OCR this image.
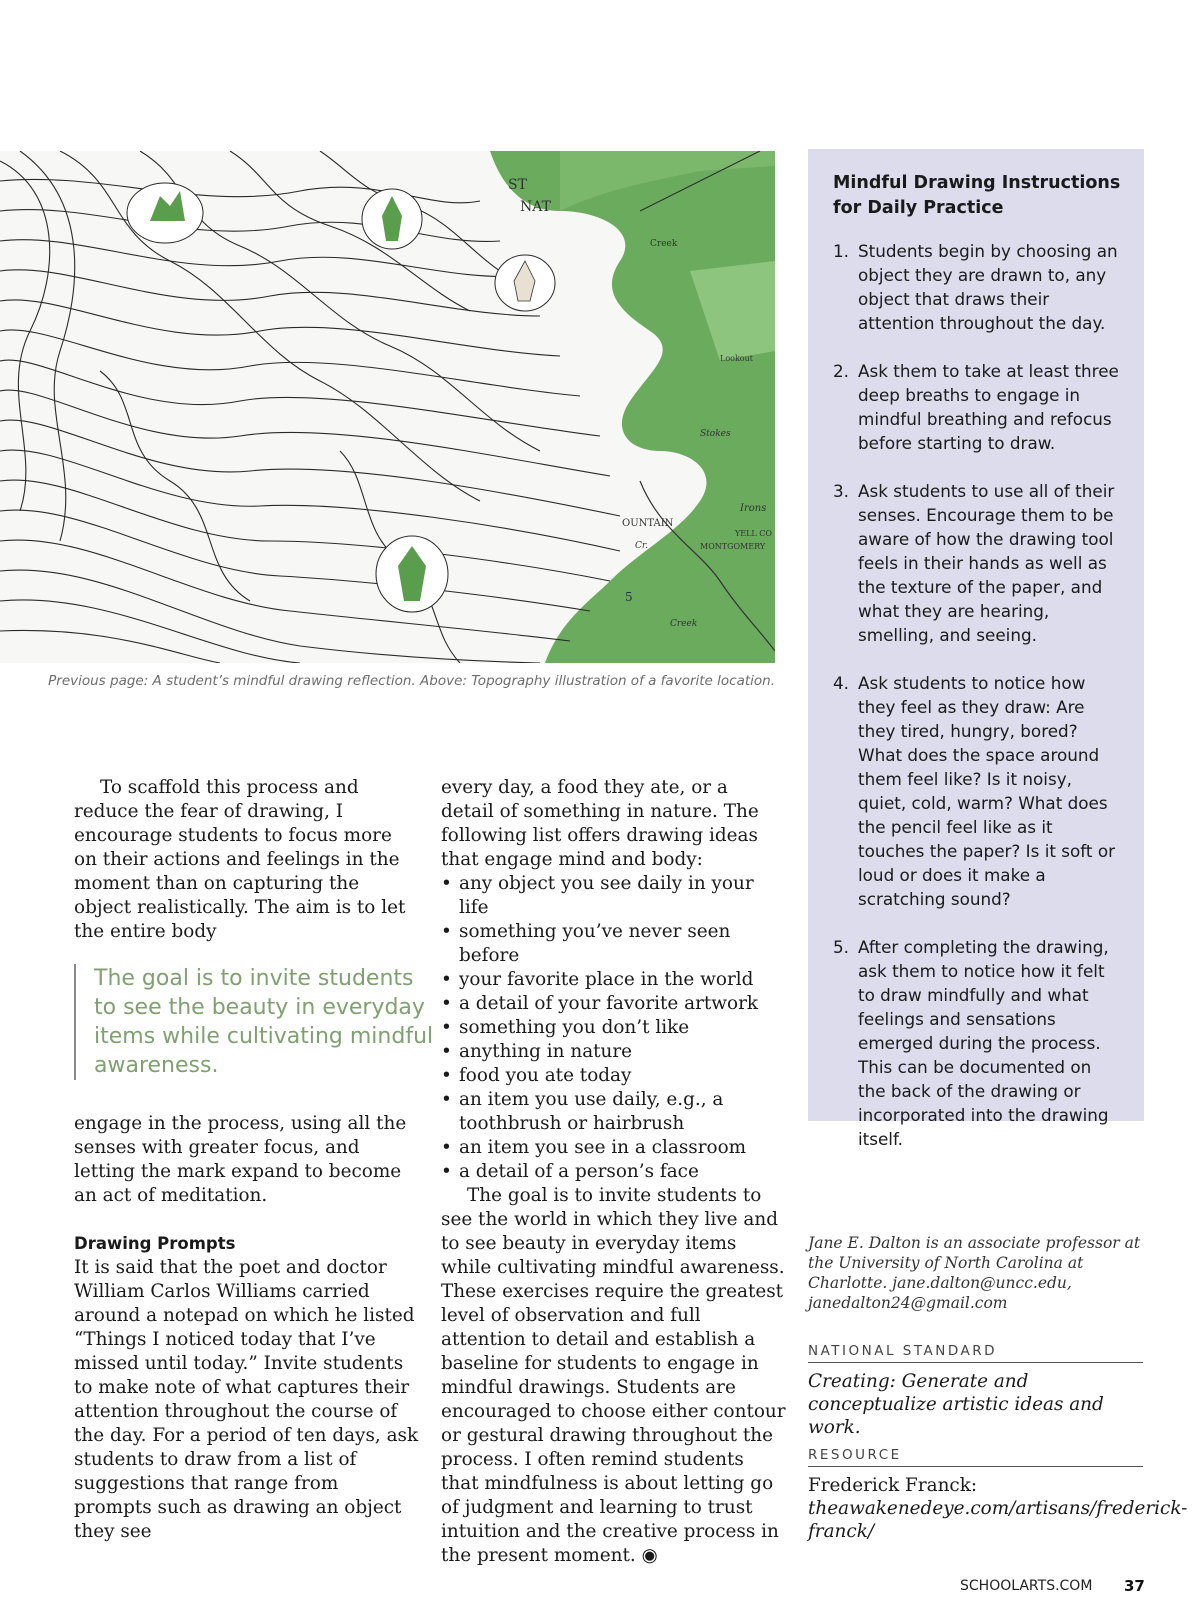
ST
NAT
Creek
Lookout
Stokes
OUNTAIN
Irons
Cr.	MONTGOMERY
YELL CO
5
Creek
Previous page: A student’s mindful drawing reflection. Above: Topography illustration of a favorite location.

To scaffold this process and reduce the fear of drawing, I encourage students to focus more on their actions and feelings in the moment than on capturing the object realistically. The aim is to let the entire body

The goal is to invite students to see the beauty in everyday items while cultivating mindful awareness.

engage in the process, using all the senses with greater focus, and letting the mark expand to become an act of meditation.

Drawing Prompts

It is said that the poet and doctor William Carlos Williams carried around a notepad on which he listed “Things I noticed today that I’ve missed until today.” Invite students to make note of what captures their attention throughout the course of the day. For a period of ten days, ask students to draw from a list of suggestions that range from prompts such as drawing an object they see

every day, a food they ate, or a detail of something in nature. The following list offers drawing ideas that engage mind and body:

• any object you see daily in your life
• something you’ve never seen before
• your favorite place in the world
• a detail of your favorite artwork
• something you don’t like
• anything in nature
• food you ate today
• an item you use daily, e.g., a toothbrush or hairbrush
• an item you see in a classroom
• a detail of a person’s face

The goal is to invite students to see the world in which they live and to see beauty in everyday items while cultivating mindful awareness. These exercises require the greatest level of observation and full attention to detail and establish a baseline for students to engage in mindful drawings. Students are encouraged to choose either contour or gestural drawing throughout the process. I often remind students that mindfulness is about letting go of judgment and learning to trust intuition and the creative process in the present moment. ◉

Mindful Drawing Instructions for Daily Practice
1. Students begin by choosing an object they are drawn to, any object that draws their attention throughout the day.
2. Ask them to take at least three deep breaths to engage in mindful breathing and refocus before starting to draw.
3. Ask students to use all of their senses. Encourage them to be aware of how the drawing tool feels in their hands as well as the texture of the paper, and what they are hearing, smelling, and seeing.
4. Ask students to notice how they feel as they draw: Are they tired, hungry, bored? What does the space around them feel like? Is it noisy, quiet, cold, warm? What does the pencil feel like as it touches the paper? Is it soft or loud or does it make a scratching sound?
5. After completing the drawing, ask them to notice how it felt to draw mindfully and what feelings and sensations emerged during the process. This can be documented on the back of the drawing or incorporated into the drawing itself.
Jane E. Dalton is an associate professor at the University of North Carolina at Charlotte. jane.dalton@uncc.edu, janedalton24@gmail.com
NATIONAL STANDARD
Creating: Generate and conceptualize artistic ideas and work.
RESOURCE
Frederick Franck: theawakenedeye.com/artisans/frederick-franck/
SCHOOLARTS.COM 37
